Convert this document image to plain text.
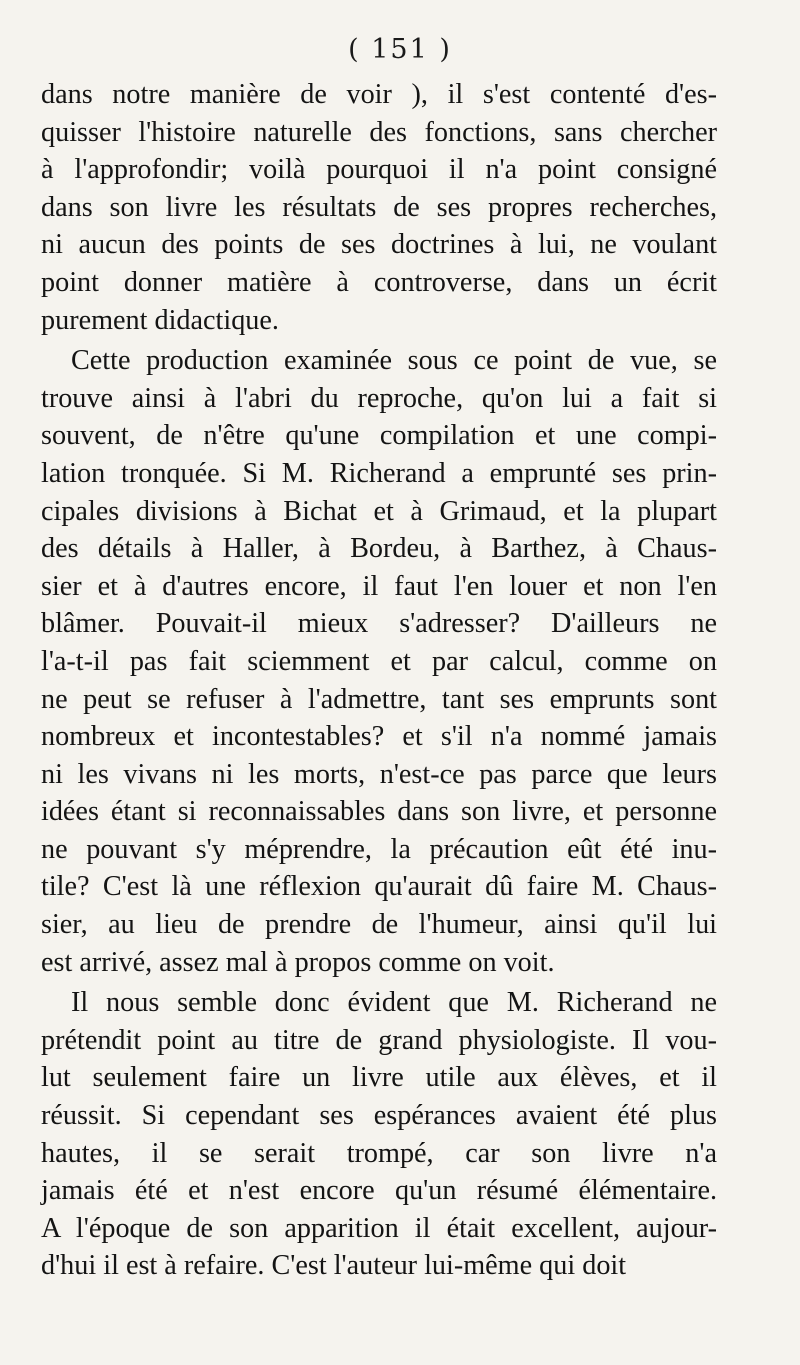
( 151 )
dans notre manière de voir ), il s'est contenté d'es-
quisser l'histoire naturelle des fonctions, sans chercher
à l'approfondir; voilà pourquoi il n'a point consigné
dans son livre les résultats de ses propres recherches,
ni aucun des points de ses doctrines à lui, ne voulant
point donner matière à controverse, dans un écrit
purement didactique.
Cette production examinée sous ce point de vue, se
trouve ainsi à l'abri du reproche, qu'on lui a fait si
souvent, de n'être qu'une compilation et une compi-
lation tronquée. Si M. Richerand a emprunté ses prin-
cipales divisions à Bichat et à Grimaud, et la plupart
des détails à Haller, à Bordeu, à Barthez, à Chaus-
sier et à d'autres encore, il faut l'en louer et non l'en
blâmer. Pouvait-il mieux s'adresser? D'ailleurs ne
l'a-t-il pas fait sciemment et par calcul, comme on
ne peut se refuser à l'admettre, tant ses emprunts sont
nombreux et incontestables? et s'il n'a nommé jamais
ni les vivans ni les morts, n'est-ce pas parce que leurs
idées étant si reconnaissables dans son livre, et personne
ne pouvant s'y méprendre, la précaution eût été inu-
tile? C'est là une réflexion qu'aurait dû faire M. Chaus-
sier, au lieu de prendre de l'humeur, ainsi qu'il lui
est arrivé, assez mal à propos comme on voit.
Il nous semble donc évident que M. Richerand ne
prétendit point au titre de grand physiologiste. Il vou-
lut seulement faire un livre utile aux élèves, et il
réussit. Si cependant ses espérances avaient été plus
hautes, il se serait trompé, car son livre n'a
jamais été et n'est encore qu'un résumé élémentaire.
A l'époque de son apparition il était excellent, aujour-
d'hui il est à refaire. C'est l'auteur lui-même qui doit
